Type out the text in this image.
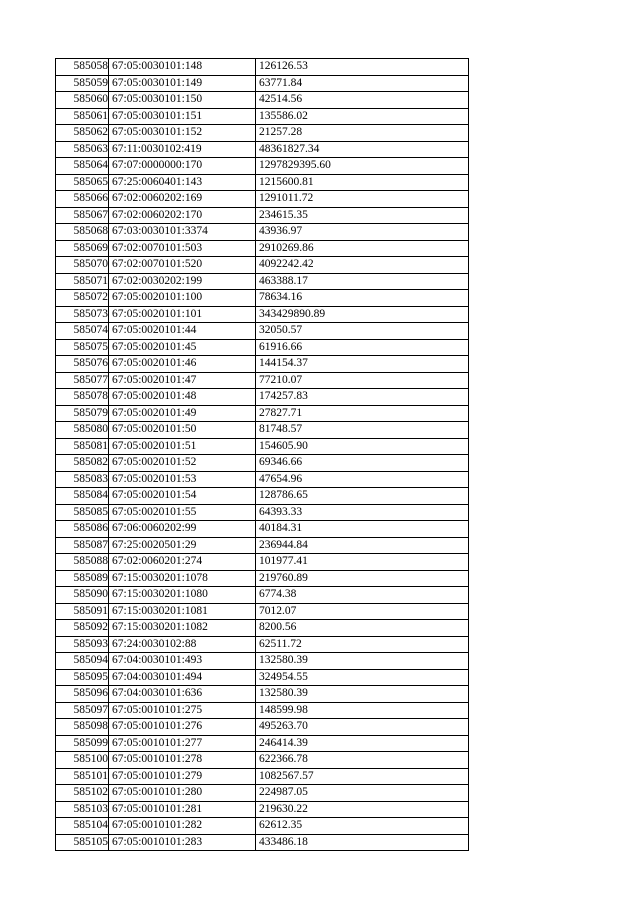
585058	67:05:0030101:148	126126.53
585059	67:05:0030101:149	63771.84
585060	67:05:0030101:150	42514.56
585061	67:05:0030101:151	135586.02
585062	67:05:0030101:152	21257.28
585063	67:11:0030102:419	48361827.34
585064	67:07:0000000:170	1297829395.60
585065	67:25:0060401:143	1215600.81
585066	67:02:0060202:169	1291011.72
585067	67:02:0060202:170	234615.35
585068	67:03:0030101:3374	43936.97
585069	67:02:0070101:503	2910269.86
585070	67:02:0070101:520	4092242.42
585071	67:02:0030202:199	463388.17
585072	67:05:0020101:100	78634.16
585073	67:05:0020101:101	343429890.89
585074	67:05:0020101:44	32050.57
585075	67:05:0020101:45	61916.66
585076	67:05:0020101:46	144154.37
585077	67:05:0020101:47	77210.07
585078	67:05:0020101:48	174257.83
585079	67:05:0020101:49	27827.71
585080	67:05:0020101:50	81748.57
585081	67:05:0020101:51	154605.90
585082	67:05:0020101:52	69346.66
585083	67:05:0020101:53	47654.96
585084	67:05:0020101:54	128786.65
585085	67:05:0020101:55	64393.33
585086	67:06:0060202:99	40184.31
585087	67:25:0020501:29	236944.84
585088	67:02:0060201:274	101977.41
585089	67:15:0030201:1078	219760.89
585090	67:15:0030201:1080	6774.38
585091	67:15:0030201:1081	7012.07
585092	67:15:0030201:1082	8200.56
585093	67:24:0030102:88	62511.72
585094	67:04:0030101:493	132580.39
585095	67:04:0030101:494	324954.55
585096	67:04:0030101:636	132580.39
585097	67:05:0010101:275	148599.98
585098	67:05:0010101:276	495263.70
585099	67:05:0010101:277	246414.39
585100	67:05:0010101:278	622366.78
585101	67:05:0010101:279	1082567.57
585102	67:05:0010101:280	224987.05
585103	67:05:0010101:281	219630.22
585104	67:05:0010101:282	62612.35
585105	67:05:0010101:283	433486.18
